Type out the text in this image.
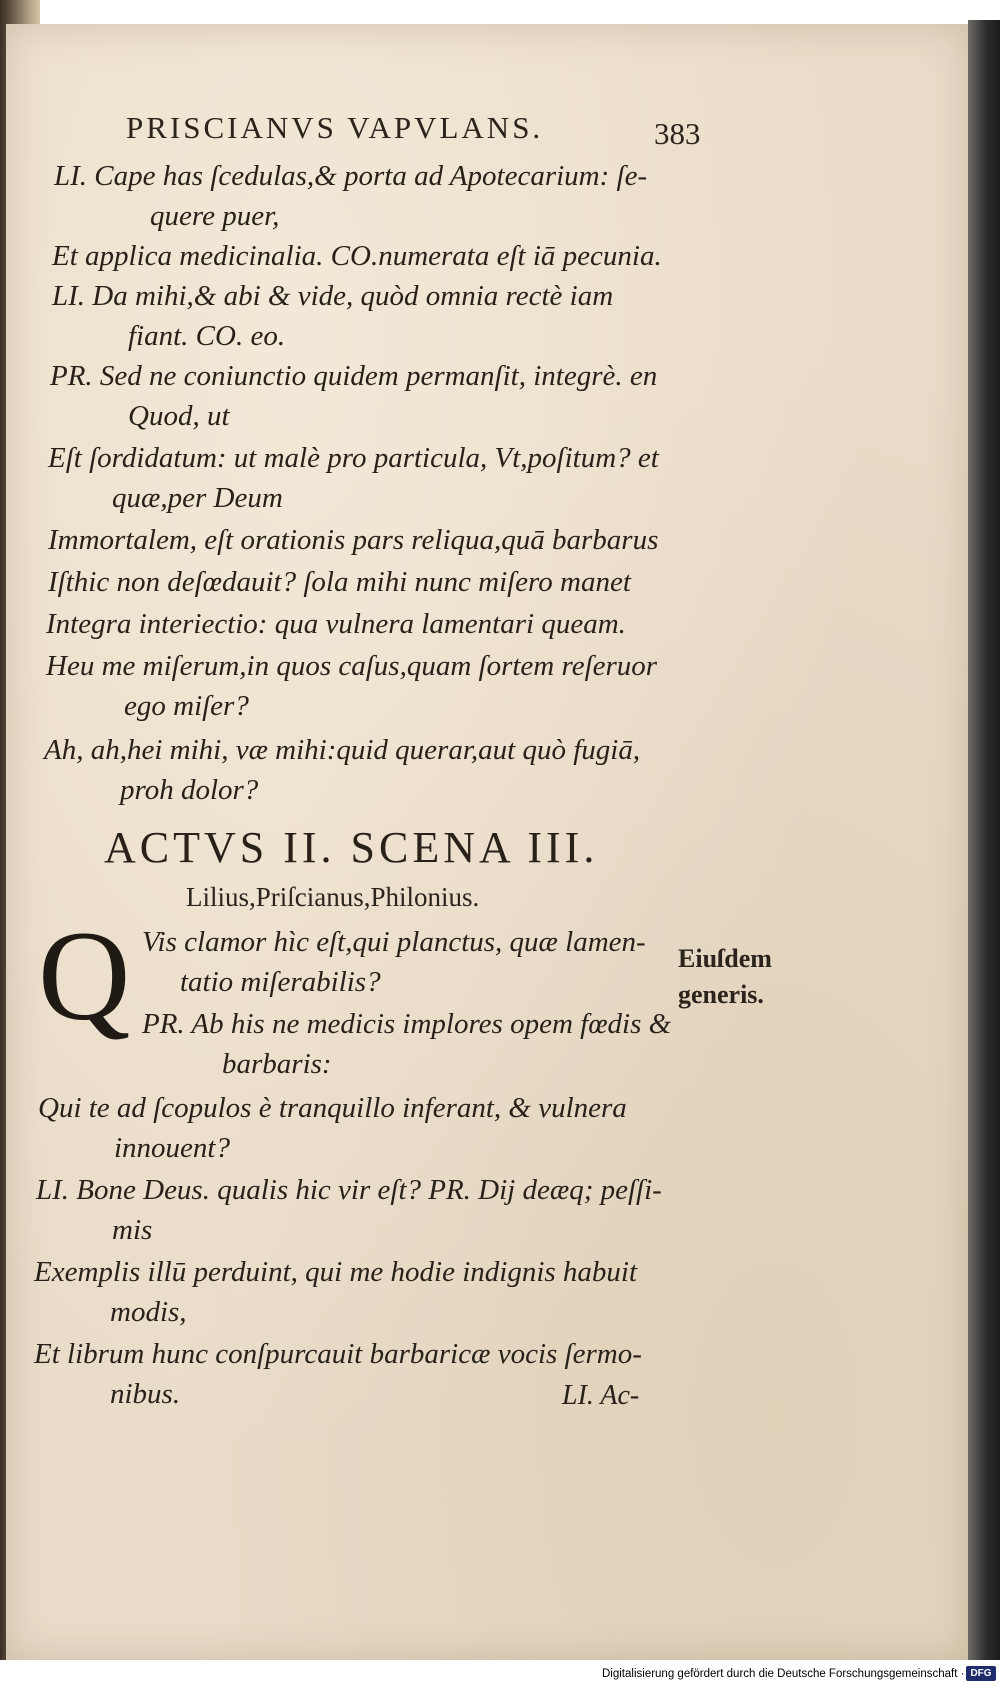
PRISCIANVS VAPVLANS.	383
LI. Cape has ſcedulas,& porta ad Apotecarium: ſe-
quere puer,
Et applica medicinalia. CO.numerata eſt iā pecunia.
LI. Da mihi,& abi & vide, quòd omnia rectè iam
fiant. CO. eo.
PR. Sed ne coniunctio quidem permanſit, integrè. en
Quod, ut
Eſt ſordidatum: ut malè pro particula, Vt,poſitum? et
quæ,per Deum
Immortalem, eſt orationis pars reliqua,quā barbarus
Iſthic non deſœdauit? ſola mihi nunc miſero manet
Integra interiectio: qua vulnera lamentari queam.
Heu me miſerum,in quos caſus,quam ſortem reſeruor
ego miſer?
Ah, ah,hei mihi, væ mihi:quid querar,aut quò fugiā,
proh dolor?
ACTVS II. SCENA III.
Lilius,Priſcianus,Philonius.
Q Vis clamor hìc eſt,qui planctus, quæ lamen-
tatio miſerabilis?
PR. Ab his ne medicis implores opem fœdis &
barbaris:
Qui te ad ſcopulos è tranquillo inferant, & vulnera
innouent?
LI. Bone Deus. qualis hic vir eſt? PR. Dij deæq; peſſi-
mis
Exemplis illū perduint, qui me hodie indignis habuit
modis,
Et librum hunc conſpurcauit barbaricæ vocis ſermo-
nibus.
Eiuſdem
generis.
LI. Ac-
Digitalisierung gefördert durch die Deutsche Forschungsgemeinschaft · DFG
